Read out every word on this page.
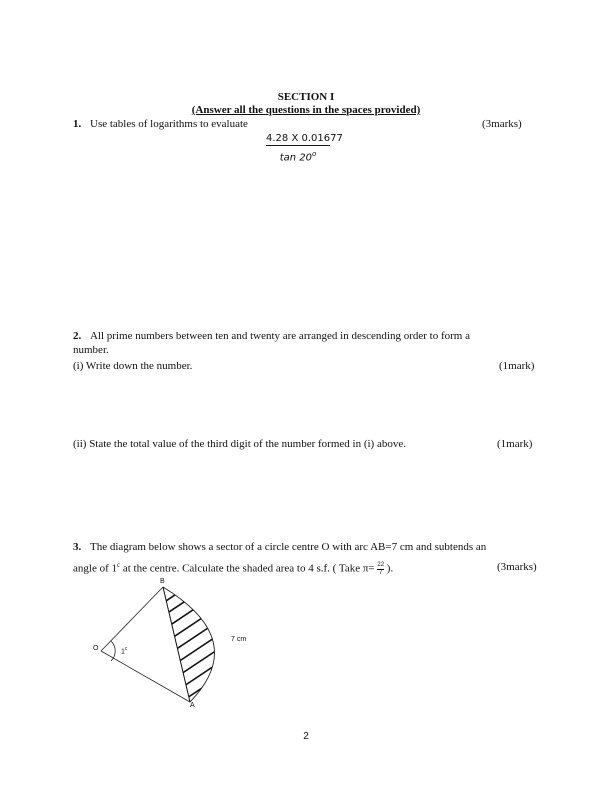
SECTION I
(Answer all the questions in the spaces provided)
1. Use tables of logarithms to evaluate	(3marks)
4.28 X 0.01677
tan 20$^o$
2. All prime numbers between ten and twenty are arranged in descending order to form a
number.
(i) Write down the number.	(1mark)
(ii) State the total value of the third digit of the number formed in (i) above.	(1mark)
3. The diagram below shows a sector of a circle centre O with arc AB=7 cm and subtends an
angle of 1$^c$ at the centre. Calculate the shaded area to 4 s.f. ( Take $\pi= \frac{22}{7}$ ).	(3marks)
O
B
A
1$^c$
7 cm
2
